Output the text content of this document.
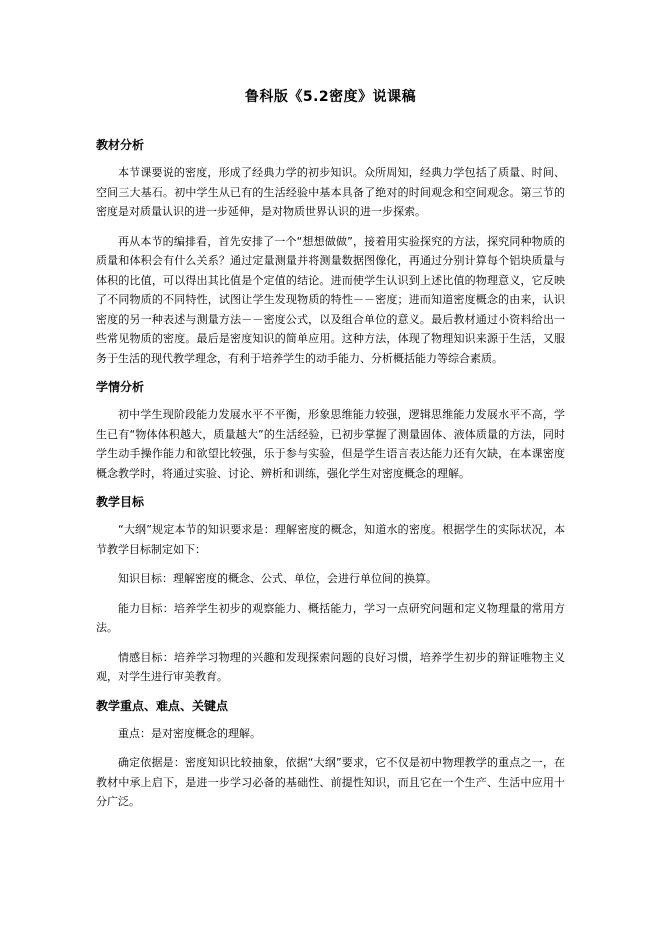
鲁科版《5.2密度》说课稿
教材分析

本节课要说的密度，形成了经典力学的初步知识。众所周知，经典力学包括了质量、时间、空间三大基石。初中学生从已有的生活经验中基本具备了绝对的时间观念和空间观念。第三节的密度是对质量认识的进一步延伸，是对物质世界认识的进一步探索。

再从本节的编排看，首先安排了一个“想想做做”，接着用实验探究的方法，探究同种物质的质量和体积会有什么关系？通过定量测量并将测量数据图像化，再通过分别计算每个铝块质量与体积的比值，可以得出其比值是个定值的结论。进而使学生认识到上述比值的物理意义，它反映了不同物质的不同特性，试图让学生发现物质的特性－－密度；进而知道密度概念的由来，认识密度的另一种表述与测量方法－－密度公式，以及组合单位的意义。最后教材通过小资料给出一些常见物质的密度。最后是密度知识的简单应用。这种方法，体现了物理知识来源于生活，又服务于生活的现代教学理念，有利于培养学生的动手能力、分析概括能力等综合素质。

学情分析

初中学生现阶段能力发展水平不平衡，形象思维能力较强，逻辑思维能力发展水平不高，学生已有“物体体积越大，质量越大”的生活经验，已初步掌握了测量固体、液体质量的方法，同时学生动手操作能力和欲望比较强，乐于参与实验，但是学生语言表达能力还有欠缺，在本课密度概念教学时，将通过实验、讨论、辨析和训练，强化学生对密度概念的理解。

教学目标

“大纲”规定本节的知识要求是：理解密度的概念，知道水的密度。根据学生的实际状况，本节教学目标制定如下：

知识目标：理解密度的概念、公式、单位，会进行单位间的换算。

能力目标：培养学生初步的观察能力、概括能力，学习一点研究问题和定义物理量的常用方法。

情感目标：培养学习物理的兴趣和发现探索问题的良好习惯，培养学生初步的辩证唯物主义观，对学生进行审美教育。

教学重点、难点、关键点

重点：是对密度概念的理解。

确定依据是：密度知识比较抽象，依据“大纲”要求，它不仅是初中物理教学的重点之一，在教材中承上启下，是进一步学习必备的基础性、前提性知识，而且它在一个生产、生活中应用十分广泛。
